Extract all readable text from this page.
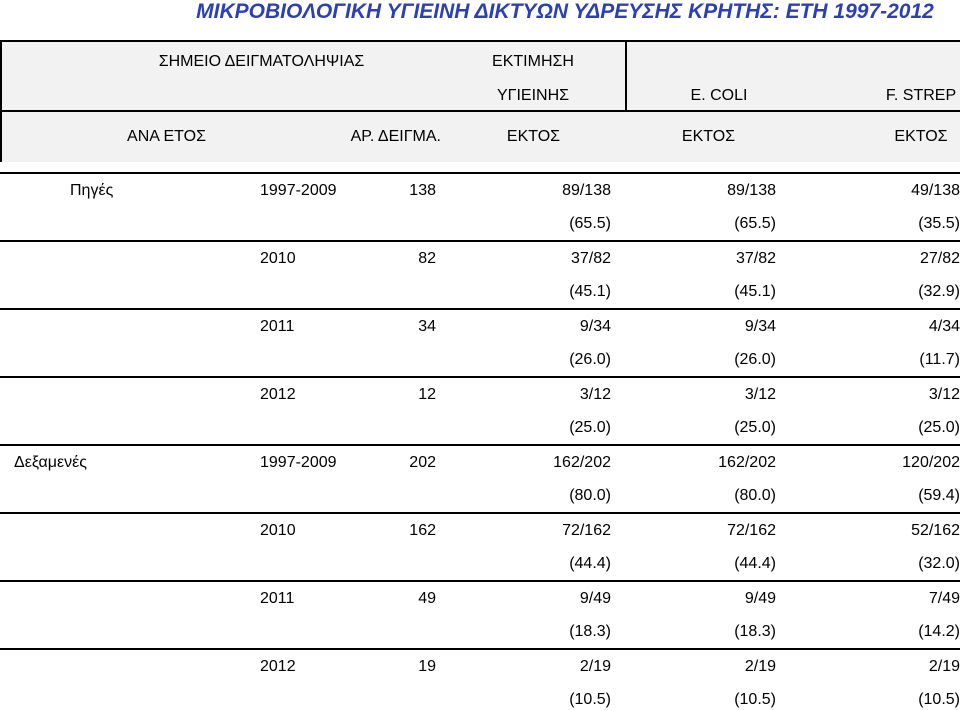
ΜΙΚΡΟΒΙΟΛΟΓΙΚΗ ΥΓΙΕΙΝΗ ΔΙΚΤΥΩΝ ΥΔΡΕΥΣΗΣ ΚΡΗΤΗΣ: ΕΤΗ 1997-2012
ΣΗΜΕΙΟ ΔΕΙΓΜΑΤΟΛΗΨΙΑΣ		ΕΚΤΙΜΗΣΗ			
		ΥΓΙΕΙΝΗΣ	E. COLI	F. STREP	
ΑΝΑ ΕΤΟΣ	ΑΡ. ΔΕΙΓΜΑ.	ΕΚΤΟΣ	ΕΚΤΟΣ	ΕΚΤΟΣ	
Πηγές	1997-2009	138	89/138	89/138	49/138	
			(65.5)	(65.5)	(35.5)	
	2010	82	37/82	37/82	27/82	
			(45.1)	(45.1)	(32.9)	
	2011	34	9/34	9/34	4/34	
			(26.0)	(26.0)	(11.7)	
	2012	12	3/12	3/12	3/12	
			(25.0)	(25.0)	(25.0)	
Δεξαμενές	1997-2009	202	162/202	162/202	120/202	
			(80.0)	(80.0)	(59.4)	
	2010	162	72/162	72/162	52/162	
			(44.4)	(44.4)	(32.0)	
	2011	49	9/49	9/49	7/49	
			(18.3)	(18.3)	(14.2)	
	2012	19	2/19	2/19	2/19	
			(10.5)	(10.5)	(10.5)	
